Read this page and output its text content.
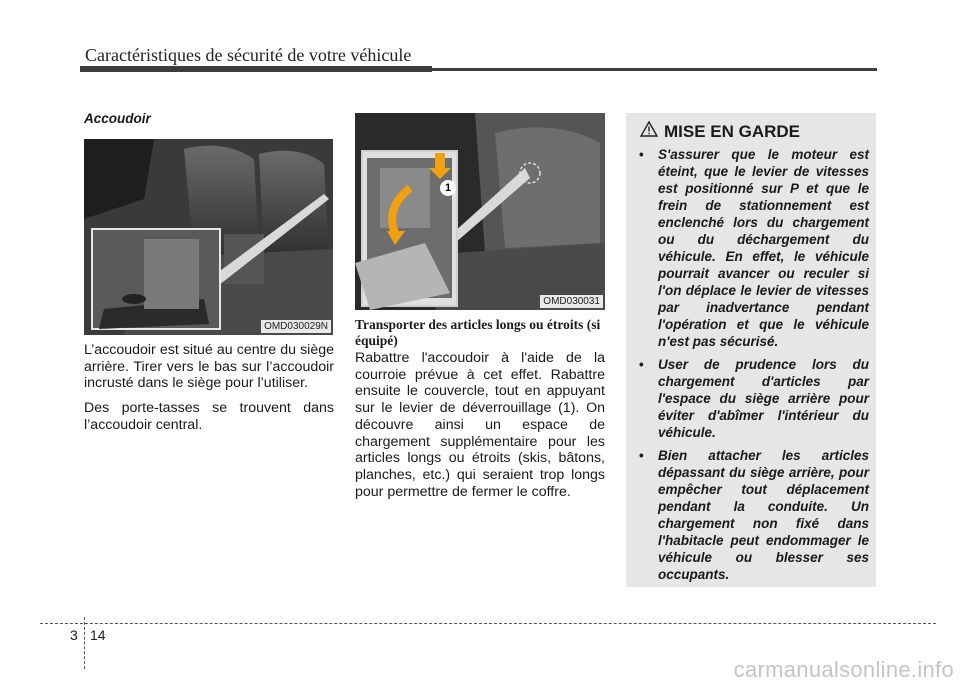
Caractéristiques de sécurité de votre véhicule
Accoudoir
OMD030029N

L’accoudoir est situé au centre du siège arrière. Tirer vers le bas sur l’accoudoir incrusté dans le siège pour l’utiliser.

Des porte-tasses se trouvent dans l’accoudoir central.

1
OMD030031
Transporter des articles longs ou étroits (si équipé)

Rabattre l'accoudoir à l'aide de la courroie prévue à cet effet. Rabattre ensuite le couvercle, tout en appuyant sur le levier de déverrouillage (1). On découvre ainsi un espace de chargement supplémentaire pour les articles longs ou étroits (skis, bâtons, planches, etc.) qui seraient trop longs pour permettre de fermer le coffre.

MISE EN GARDE
• S'assurer que le moteur est éteint, que le levier de vitesses est positionné sur P et que le frein de stationnement est enclenché lors du chargement ou du déchargement du véhicule. En effet, le véhicule pourrait avancer ou reculer si l'on déplace le levier de vitesses par inadvertance pendant l'opération et que le véhicule n'est pas sécurisé.
• User de prudence lors du chargement d'articles par l'espace du siège arrière pour éviter d'abîmer l'intérieur du véhicule.
• Bien attacher les articles dépassant du siège arrière, pour empêcher tout déplacement pendant la conduite. Un chargement non fixé dans l'habitacle peut endommager le véhicule ou blesser ses occupants.
3 14
carmanualsonline.info
